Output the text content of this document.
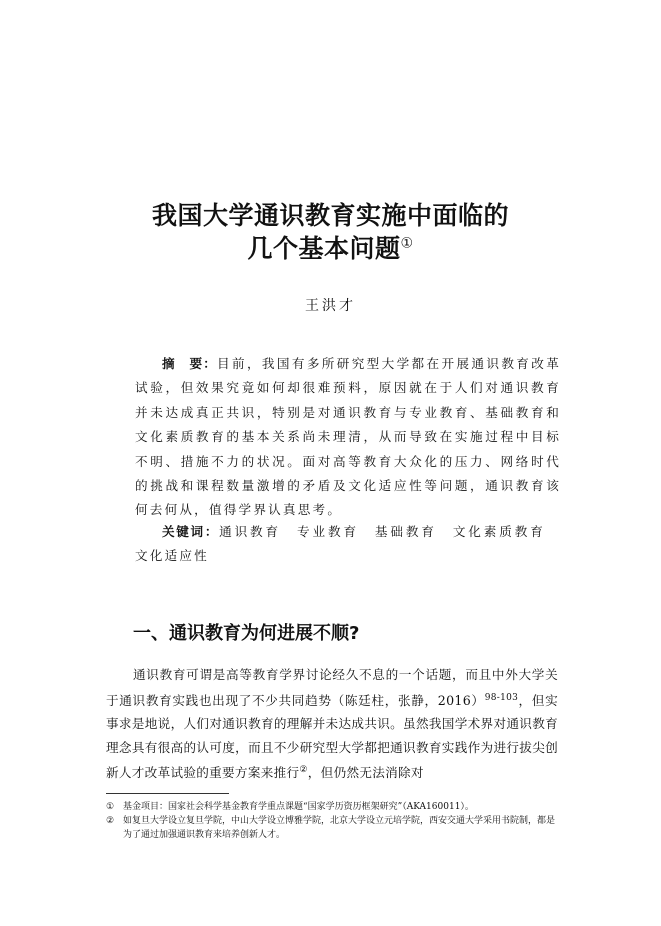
我国大学通识教育实施中面临的
几个基本问题①
王洪才
摘　要：目前，我国有多所研究型大学都在开展通识教育改革试验，但效果究竟如何却很难预料，原因就在于人们对通识教育并未达成真正共识，特别是对通识教育与专业教育、基础教育和文化素质教育的基本关系尚未理清，从而导致在实施过程中目标不明、措施不力的状况。面对高等教育大众化的压力、网络时代的挑战和课程数量激增的矛盾及文化适应性等问题，通识教育该何去何从，值得学界认真思考。
关键词：通识教育 专业教育 基础教育 文化素质教育文化适应性
一、通识教育为何进展不顺?
通识教育可谓是高等教育学界讨论经久不息的一个话题，而且中外大学关于通识教育实践也出现了不少共同趋势（陈廷柱，张静，2016）$^{98-103}$，但实事求是地说，人们对通识教育的理解并未达成共识。虽然我国学术界对通识教育理念具有很高的认可度，而且不少研究型大学都把通识教育实践作为进行拔尖创新人才改革试验的重要方案来推行②，但仍然无法消除对
① 基金项目：国家社会科学基金教育学重点课题“国家学历资历框架研究”（AKA160011）。
② 如复旦大学设立复旦学院，中山大学设立博雅学院，北京大学设立元培学院，西安交通大学采用书院制，都是为了通过加强通识教育来培养创新人才。
